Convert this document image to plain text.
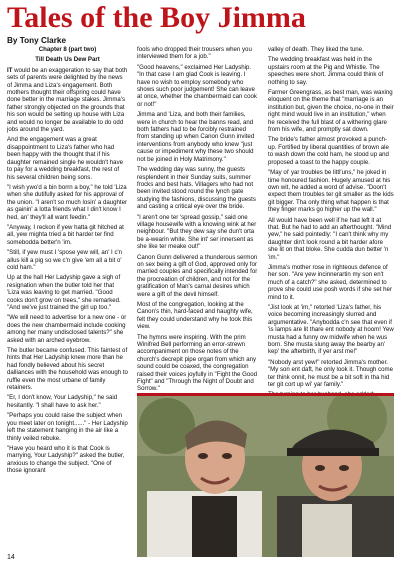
Tales of the Boy Jimma
By Tony Clarke

Chapter 8 (part two)

Till Death Us Dew Part

IT would be an exaggeration to say that both sets of parents were delighted by the news of Jimma and Liza's engagement. Both mothers thought their offspring could have done better in the marriage stakes. Jimma's father strongly objected on the grounds that his son would be setting up house with Liza and would no longer be available to do odd jobs around the yard.

And the engagement was a great disappointment to Liza's father who had been happy with the thought that if his daughter remained single he wouldn't have to pay for a wedding breakfast, the rest of his several children being sons.

"I wish ywo'd a bin borrn a boy," he told 'Liza when she dutifully asked for his approval of the union. "I aren't so much losin' a daughter as gainin' a lotta friends what I din't know I hed, an' they'll all want feedin."

"Anyway, I reckon if yew hatta git hitched at all, yew mighta tried a bit harder ter find somebodda better'n 'im.

"Still, if yew must I 'spose yew will, an' I c'n allus kill a pig so we c'n give 'em all a bit o' cold ham."

Up at the hall Her Ladyship gave a sigh of resignation when the butler told her that 'Liza was leaving to get married. "Good cooks don't grow on trees," she remarked. "And we've just trained the girl up too."

"We will need to advertise for a new one - or does the new chambermaid include cooking among her many undisclosed talents?" she asked with an arched eyebrow.

The butler became confused. This faintest of hints that Her Ladyship knew more than he had fondly believed about his secret dalliances with the household was enough to ruffle even the most urbane of family retainers.

"Er, I don't know, Your Ladyship," he said hesitantly. "I shall have to ask her."

"Perhaps you could raise the subject when you meet later on tonight......" - Her Ladyship left the statement hanging in the air like a thinly veiled rebuke.

"Have you heard who it is that Cook is marrying, Your Ladyship?" asked the butler, anxious to change the subject. "One of those ignorant

fools who dropped their trousers when you interviewed them for a job."

"Good heavens," exclaimed Her Ladyship. "In that case I am glad Cook is leaving. I have no wish to employ somebody who shows such poor judgement! She can leave at once, whether the chambermaid can cook or not!"

Jimma and 'Liza, and both their families, were in church to hear the banns read, and both fathers had to be forcibly restrained from standing up when Canon Gunn invited interventions from anybody who knew "just cause or impediment why these two should not be joined in Holy Matrimony."

The wedding day was sunny, the guests resplendent in their Sunday suits, summer frocks and best hats. Villagers who had not been invited stood round the lynch gate studying the fashions, discussing the guests and casting a critical eye over the bride.

"I aren't one ter 'spread gossip," said one village housewife with a knowing wink at her neighbour. "But they dew say she dun't orta be a-wearin white. She int' ser innersent as she like ter meake out!"

Canon Gunn delivered a thunderous sermon on sex being a gift of God, approved only for married couples and specifically intended for the procreation of children, and not for the gratification of Man's carnal desires which were a gift of the devil himself.

Most of the congregation, looking at the Canon's thin, hard-faced and haughty wife, felt they could understand why he took this view.

The hymns were inspiring. With the prim Winifred Bell performing an error-strewn accompaniment on those notes of the church's decrepit pipe organ from which any sound could be coaxed, the congregation raised their voices joyfully in "Fight the Good Fight" and "Through the Night of Doubt and Sorrow."

valley of death. They liked the tune.

The wedding breakfast was held in the upstairs room at the Pig and Whistle. The speeches were short. Jimma could think of nothing to say.

Farmer Greengrass, as best man, was waxing eloquent on the theme that "marriage is an institution but, given the choice, no-one in their right mind would live in an institution," when he received the full blast of a withering glare from his wife, and promptly sat down.

The bride's father almost provoked a punch-up. Fortified by liberal quantities of brown ale to wash down the cold ham, he stood up and proposed a toast to the happy couple.

"May ol' yar troubles be littl'uns," he joked in time honoured fashion. Hugely amused at his own wit, he added a word of advise. "Doon't expect them troubles ter git smaller as the kids git bigger. Tha only thing what happen is that they finger marks go higher up the wall."

All would have been well if he had left it at that. But he had to add an afterthought. "Mind yew," he said pointedly: "I can't think why my daughter din't look round a bit harder afore she lit on that bloke. She cudda dun better 'n 'im."

Jimma's mother rose in righteous defence of her son. "Are yew incinnerartin my son en't much of a catch?" she asked, determined to prove she could use posh words if she set her mind to it.

"Jist look at 'im," retorted 'Liza's father, his voice becoming increasingly slurred and argumentative. "Anybodda c'n see that even if 'is lamps are lit thare ent nobody at hoom! Yew musta had a funny ow midwife when he wus born. She musta slung away the bearby an' kep' the afterbirth, if yer arst me!"

"Nobody arst yew!" retorted Jimma's mother. "My son ent daft, he only look it. Though come ter think onnit, he must be a bit soft in tha hid ter git cort up wi' yar family."

14
